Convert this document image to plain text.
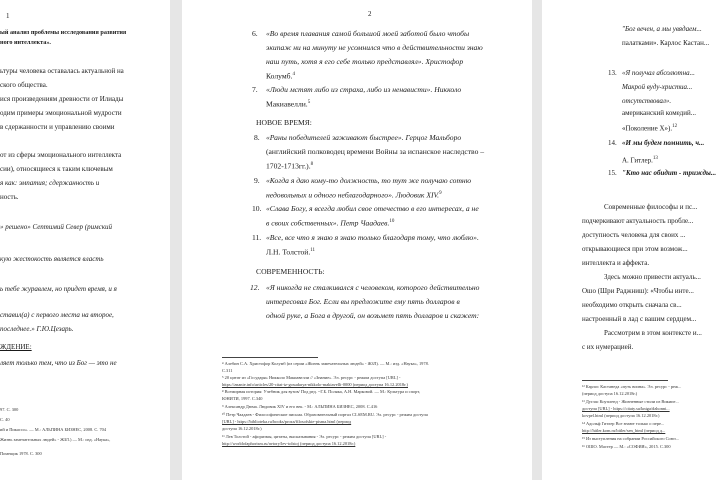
1
ый анализ проблемы исследования развития
ного интеллекта».
ьтуры человека оставалась актуальной на
ского общества.
ися произведениям древности от Илиады
одим примеры эмоциональной мудрости
в сдержанности и управлению своими
от из сферы эмоционального интеллекта
сии), относящиеся к таким ключевым
я как: эмпатия; сдержанность и
ность.
» решено» Септимий Север (римский
кую жестокость является власть
ь тебе журавлем, но придет время, и я
ставил(а) с первого места на второе,
последнее.» Г.Ю.Цезарь.
ЖДЕНИЕ:
ляет только тем, что из Бог — это не
97. С. 300
С. 40
ий и Пикассо». — М.: АЛЬПИНА БИЗНЕС, 2008. С. 704
Жизнь замечательных людей» - ЖЗЛ.) — М.: изд. «Наука»,
Помещик 1978. С. 300
2
6. «Во время плавания самой большой моей заботой было чтобы
экипаж ни на минуту не усомнился что в действительности знаю
наш путь, хотя я его себе только представлял». Христофор
Колумб.$^4$
7. «Люди мстят либо из страха, либо из ненависти». Никколо
Макиавелли.$^5$
НОВОЕ ВРЕМЯ:
8. «Раны победителей заживают быстрее». Герцог Мальборо
(английский полководец времени Войны за испанское наследство –
1702-1713гг.).$^8$
9. «Когда я даю кому-то должность, то тут же получаю сотню
недовольных и одного неблагодарного». Людовик XIV.$^9$
10. «Слава Богу, я всегда любил свое отечество в его интересах, а не
в своих собственных». Петр Чаадаев.$^{10}$
11. «Все, все что я знаю я знаю только благодаря тому, что люблю».
Л.Н. Толстой.$^{11}$
СОВРЕМЕННОСТЬ:
12. «Я никогда не сталкивался с человеком, которого действительно
интересовал Бог. Если вы предложите ему пять долларов в
одной руке, а Бога в другой, он возьмет пять долларов и скажет:
⁴ Алебин С.А. Христофор Колумб (из серии «Жизнь замечательных людей» - ЖЗЛ). — М.: изд. «Наука», 1978.
С.311
⁵ 20 цитат из «Государя» Никколо Макиавелли // «Знание». Эл. ресурс - режим доступа [URL] -
https://znanie.info/articles/20-citat-iz-gosudarya-nikkolo-makiavelli-0000 (период доступа 16.12.2018г.)
⁸ Всемирная история: Учебник для вузов/ Под ред. ~Г.Б. Поляка, А.Н. Марковой. — М.: Культура и спорт,
ЮНИТИ, 1997. С.340
⁹ Александр Дюма. Людовик XIV и его век. - М.: АЛЬПИНА БИЗНЕС, 2008. С.416
¹⁰ Петр Чаадаев - Философические письма. Образовательный портал CLSEM.RU. Эл. ресурс - режим доступа
[URL] - https://biblioteka.ru/books/proza/filosofskie-pisma.html (период
доступа 16.12.2018г.)
¹¹ Лев Толстой - афоризмы, цитаты, высказывания - Эл. ресурс - режим доступа [URL] -
http://worldofaphorism.ru/avtory/lev-tolstoj (период доступа 16.12.2018г.)
"Бог вечен, а мы увядаем...
палатками». Карлос Кастан...
13. «Я получал абсолютна...
Макрой вуду-христиа...
отсутствовал».
американский комедий...
«Поколение Х»).$^{12}$
14. «И мы будем помнить, ч...
А. Гитлер.$^{13}$
15. "Кто нас обидит - трижды...
Современные философы и пс...
подчеркивают актуальность пробле...
доступность человека для своих ...
открывающиеся при этом возмож...
интеллекта и аффекта.
Здесь можно привести актуаль...
Ошо (Шри Раджниш): «Чтобы инте...
необходимо открыть сначала св...
настроенный в лад с вашим сердцем...
Рассмотрим в этом контексте и...
с их нумерацией.
¹² Карлос Кастанеда «путь воина». Эл. ресурс - реж...
(период доступа 16.12.2018г.)
¹³ Дуглас Коупленд - Жизненные стили из Википе...
доступа [URL] - https://citaty.su/kniga/dzhonni...
kovpel.html (период доступа 16.12.2018г.)
¹⁴ Адольф Гитлер Все знают только о пере...
http://hitler.kom.ru/bitler/sen_html (период д...
¹⁵ Из выступления на собрании Российского Союз...
¹⁶ ОШО. Мастер — М.: «СОФИЯ», 2015. С.300
